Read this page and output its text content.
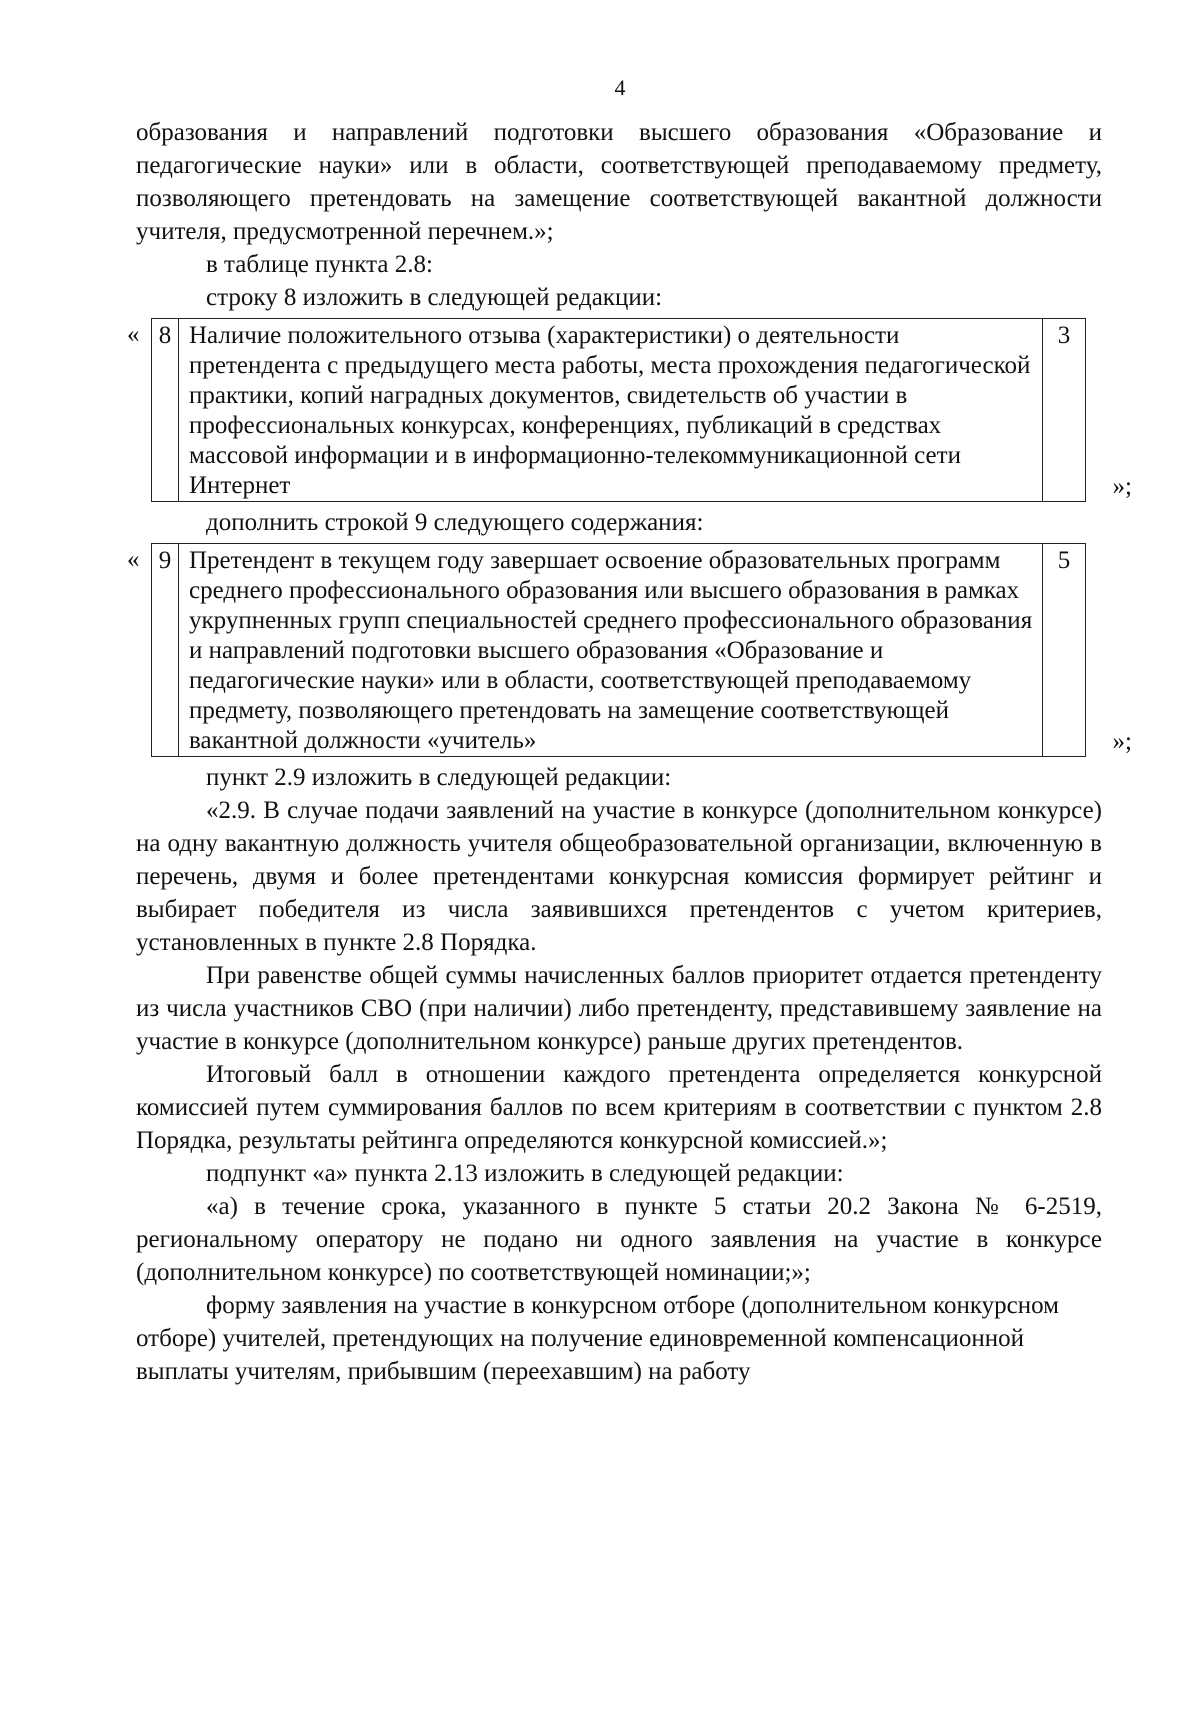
4

образования и направлений подготовки высшего образования «Образование и педагогические науки» или в области, соответствующей преподаваемому предмету, позволяющего претендовать на замещение соответствующей вакантной должности учителя, предусмотренной перечнем.»;

в таблице пункта 2.8:

строку 8 изложить в следующей редакции:

« 8	Наличие положительного отзыва (характеристики) о деятельности претендента с предыдущего места работы, места прохождения педагогической практики, копий наградных документов, свидетельств об участии в профессиональных конкурсах, конференциях, публикаций в средствах массовой информации и в информационно-телекоммуникационной сети Интернет	3
»;

дополнить строкой 9 следующего содержания:

« 9	Претендент в текущем году завершает освоение образовательных программ среднего профессионального образования или высшего образования в рамках укрупненных групп специальностей среднего профессионального образования и направлений подготовки высшего образования «Образование и педагогические науки» или в области, соответствующей преподаваемому предмету, позволяющего претендовать на замещение соответствующей вакантной должности «учитель»	5
»;

пункт 2.9 изложить в следующей редакции:

«2.9. В случае подачи заявлений на участие в конкурсе (дополнительном конкурсе) на одну вакантную должность учителя общеобразовательной организации, включенную в перечень, двумя и более претендентами конкурсная комиссия формирует рейтинг и выбирает победителя из числа заявившихся претендентов с учетом критериев, установленных в пункте 2.8 Порядка.

При равенстве общей суммы начисленных баллов приоритет отдается претенденту из числа участников СВО (при наличии) либо претенденту, представившему заявление на участие в конкурсе (дополнительном конкурсе) раньше других претендентов.

Итоговый балл в отношении каждого претендента определяется конкурсной комиссией путем суммирования баллов по всем критериям в соответствии с пунктом 2.8 Порядка, результаты рейтинга определяются конкурсной комиссией.»;

подпункт «а» пункта 2.13 изложить в следующей редакции:

«а) в течение срока, указанного в пункте 5 статьи 20.2 Закона № 6-2519, региональному оператору не подано ни одного заявления на участие в конкурсе (дополнительном конкурсе) по соответствующей номинации;»;

форму заявления на участие в конкурсном отборе (дополнительном конкурсном отборе) учителей, претендующих на получение единовременной компенсационной выплаты учителям, прибывшим (переехавшим) на работу
